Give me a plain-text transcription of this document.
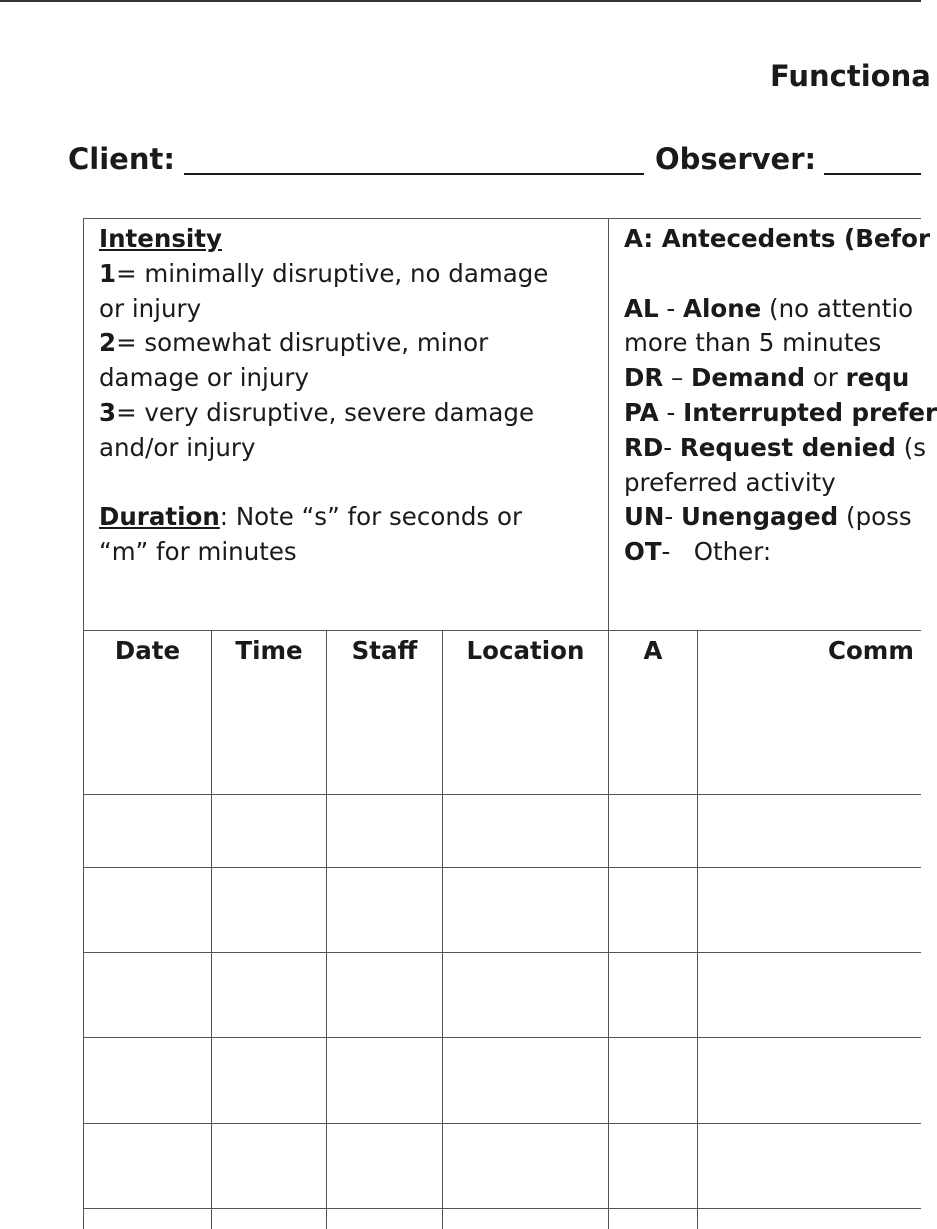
Functiona
Client:	Observer:
Intensity
1= minimally disruptive, no damage
or injury
2= somewhat disruptive, minor
damage or injury
3= very disruptive, severe damage
and/or injury
Duration: Note “s” for seconds or
“m” for minutes
A: Antecedents (Befor
AL - Alone (no attentio
more than 5 minutes
DR – Demand or requ
PA - Interrupted prefer
RD- Request denied (s
preferred activity
UN- Unengaged (poss
OT-   Other:
Date	Time	Staff	Location	A	Comm
